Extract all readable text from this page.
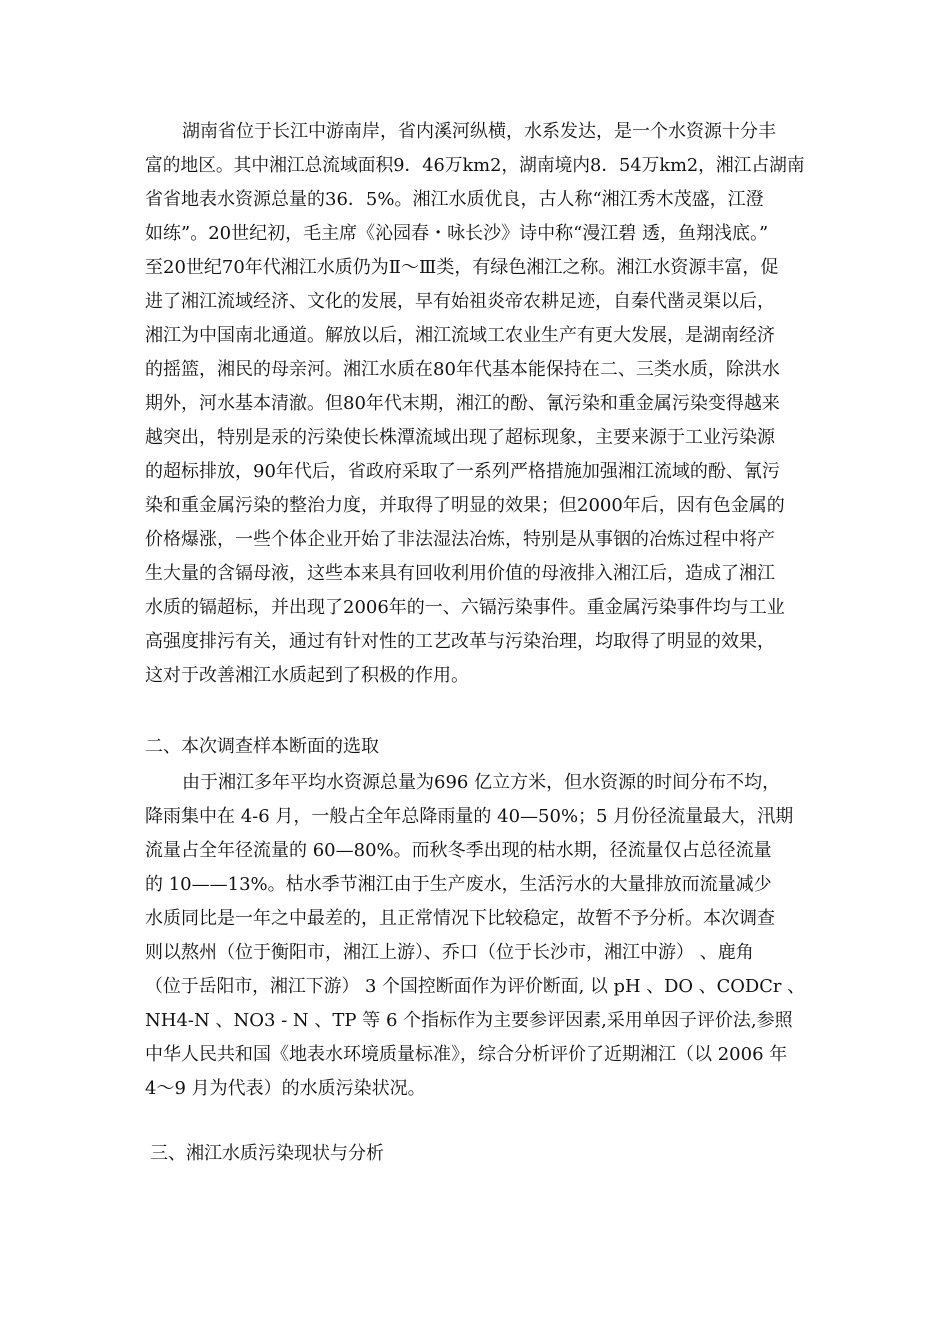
湖南省位于长江中游南岸，省内溪河纵横，水系发达，是一个水资源十分丰
富的地区。其中湘江总流域面积9．46万km2，湖南境内8．54万km2，湘江占湖南
省省地表水资源总量的36．5%。湘江水质优良，古人称“湘江秀木茂盛，江澄
如练”。20世纪初，毛主席《沁园春・咏长沙》诗中称“漫江碧 透，鱼翔浅底。”
至20世纪70年代湘江水质仍为Ⅱ～Ⅲ类，有绿色湘江之称。湘江水资源丰富，促
进了湘江流域经济、文化的发展，早有始祖炎帝农耕足迹，自秦代凿灵渠以后，
湘江为中国南北通道。解放以后，湘江流域工农业生产有更大发展，是湖南经济
的摇篮，湘民的母亲河。湘江水质在80年代基本能保持在二、三类水质，除洪水
期外，河水基本清澈。但80年代末期，湘江的酚、氰污染和重金属污染变得越来
越突出，特别是汞的污染使长株潭流域出现了超标现象，主要来源于工业污染源
的超标排放，90年代后，省政府采取了一系列严格措施加强湘江流域的酚、氰污
染和重金属污染的整治力度，并取得了明显的效果；但2000年后，因有色金属的
价格爆涨，一些个体企业开始了非法湿法冶炼，特别是从事铟的冶炼过程中将产
生大量的含镉母液，这些本来具有回收利用价值的母液排入湘江后，造成了湘江
水质的镉超标，并出现了2006年的一、六镉污染事件。重金属污染事件均与工业
高强度排污有关，通过有针对性的工艺改革与污染治理，均取得了明显的效果，
这对于改善湘江水质起到了积极的作用。
二、本次调查样本断面的选取
由于湘江多年平均水资源总量为696 亿立方米，但水资源的时间分布不均，
降雨集中在 4-6 月，一般占全年总降雨量的 40—50%；5 月份径流量最大，汛期
流量占全年径流量的 60—80%。而秋冬季出现的枯水期，径流量仅占总径流量
的 10——13%。枯水季节湘江由于生产废水，生活污水的大量排放而流量减少
水质同比是一年之中最差的，且正常情况下比较稳定，故暂不予分析。本次调查
则以熬州（位于衡阳市，湘江上游）、乔口（位于长沙市，湘江中游） 、鹿角
（位于岳阳市，湘江下游） 3 个国控断面作为评价断面, 以 pH 、DO 、CODCr 、
NH4-N 、NO3 - N 、TP 等 6 个指标作为主要参评因素,采用单因子评价法,参照
中华人民共和国《地表水环境质量标准》，综合分析评价了近期湘江（以 2006 年
4～9 月为代表）的水质污染状况。
三、湘江水质污染现状与分析
